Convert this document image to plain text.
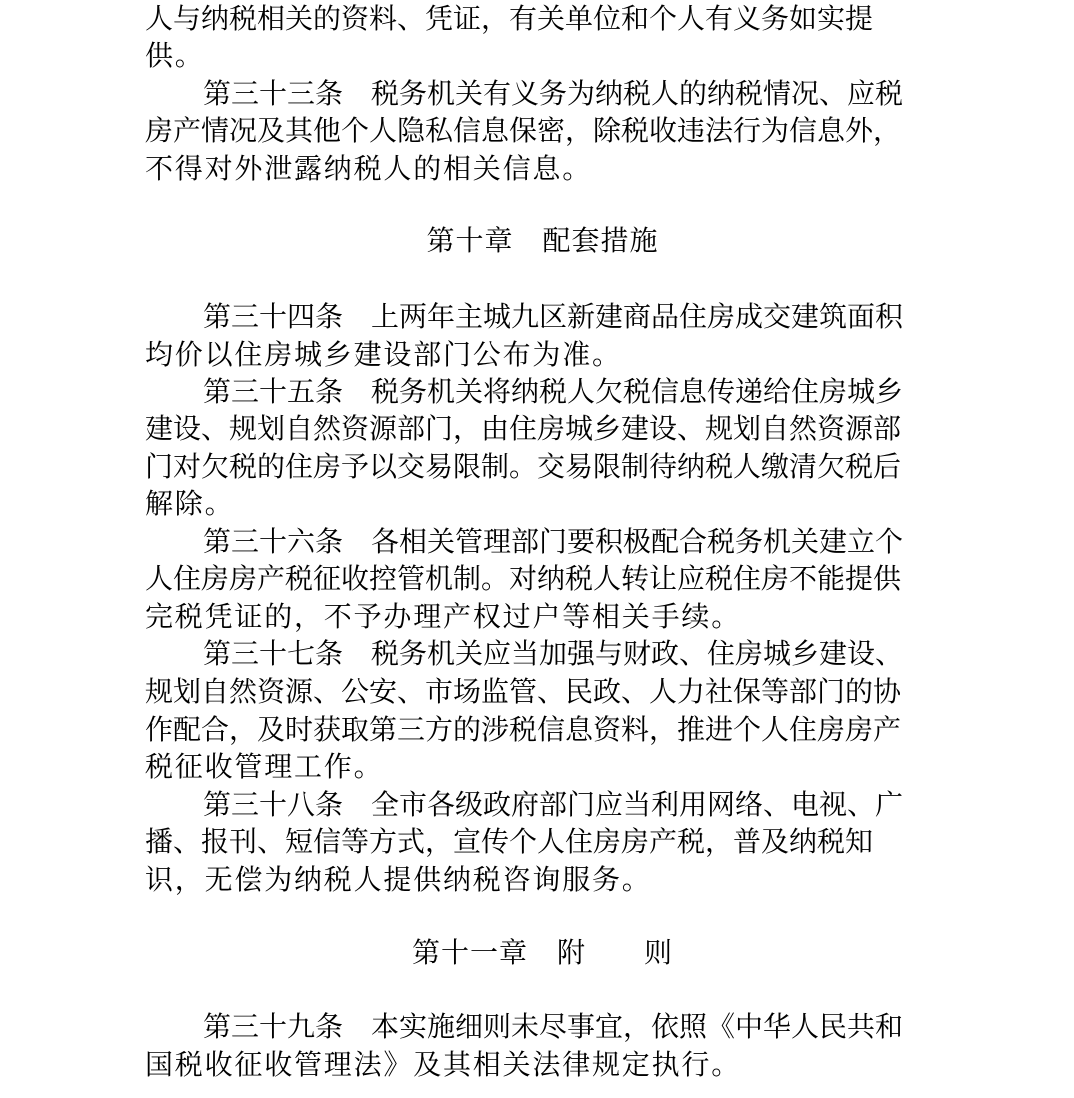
人与纳税相关的资料、凭证，有关单位和个人有义务如实提
供。
第三十三条　税务机关有义务为纳税人的纳税情况、应税
房产情况及其他个人隐私信息保密，除税收违法行为信息外，
不得对外泄露纳税人的相关信息。
第十章　配套措施
第三十四条　上两年主城九区新建商品住房成交建筑面积
均价以住房城乡建设部门公布为准。
第三十五条　税务机关将纳税人欠税信息传递给住房城乡
建设、规划自然资源部门，由住房城乡建设、规划自然资源部
门对欠税的住房予以交易限制。交易限制待纳税人缴清欠税后
解除。
第三十六条　各相关管理部门要积极配合税务机关建立个
人住房房产税征收控管机制。对纳税人转让应税住房不能提供
完税凭证的，不予办理产权过户等相关手续。
第三十七条　税务机关应当加强与财政、住房城乡建设、
规划自然资源、公安、市场监管、民政、人力社保等部门的协
作配合，及时获取第三方的涉税信息资料，推进个人住房房产
税征收管理工作。
第三十八条　全市各级政府部门应当利用网络、电视、广
播、报刊、短信等方式，宣传个人住房房产税，普及纳税知
识，无偿为纳税人提供纳税咨询服务。
第十一章　附　　则
第三十九条　本实施细则未尽事宜，依照《中华人民共和
国税收征收管理法》及其相关法律规定执行。
